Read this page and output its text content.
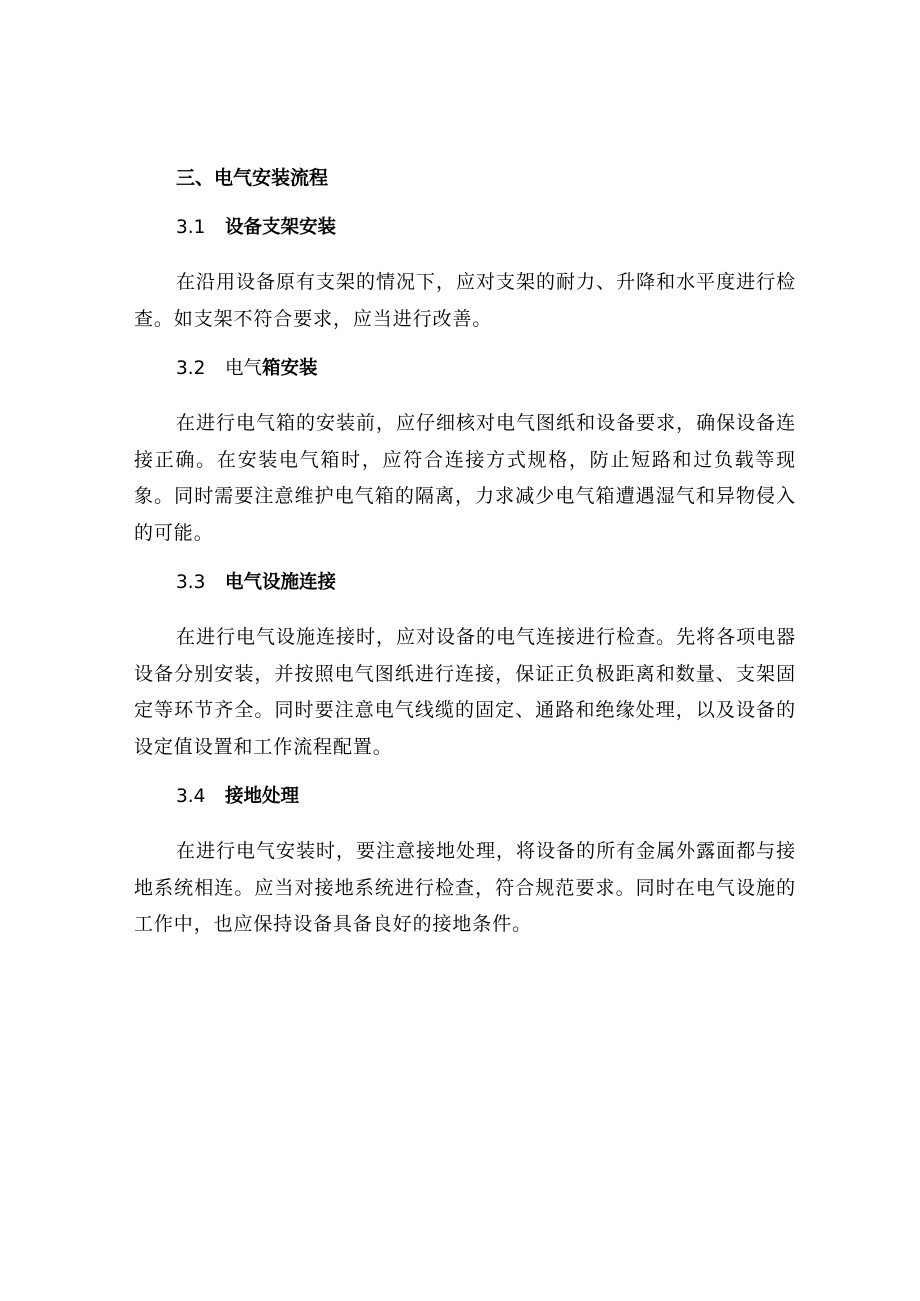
三、电气安装流程
3.1 设备支架安装

在沿用设备原有支架的情况下，应对支架的耐力、升降和水平度进行检查。如支架不符合要求，应当进行改善。

3.2 电气箱安装

在进行电气箱的安装前，应仔细核对电气图纸和设备要求，确保设备连接正确。在安装电气箱时，应符合连接方式规格，防止短路和过负载等现象。同时需要注意维护电气箱的隔离，力求减少电气箱遭遇湿气和异物侵入的可能。

3.3 电气设施连接

在进行电气设施连接时，应对设备的电气连接进行检查。先将各项电器设备分别安装，并按照电气图纸进行连接，保证正负极距离和数量、支架固定等环节齐全。同时要注意电气线缆的固定、通路和绝缘处理，以及设备的设定值设置和工作流程配置。

3.4 接地处理

在进行电气安装时，要注意接地处理，将设备的所有金属外露面都与接地系统相连。应当对接地系统进行检查，符合规范要求。同时在电气设施的工作中，也应保持设备具备良好的接地条件。
